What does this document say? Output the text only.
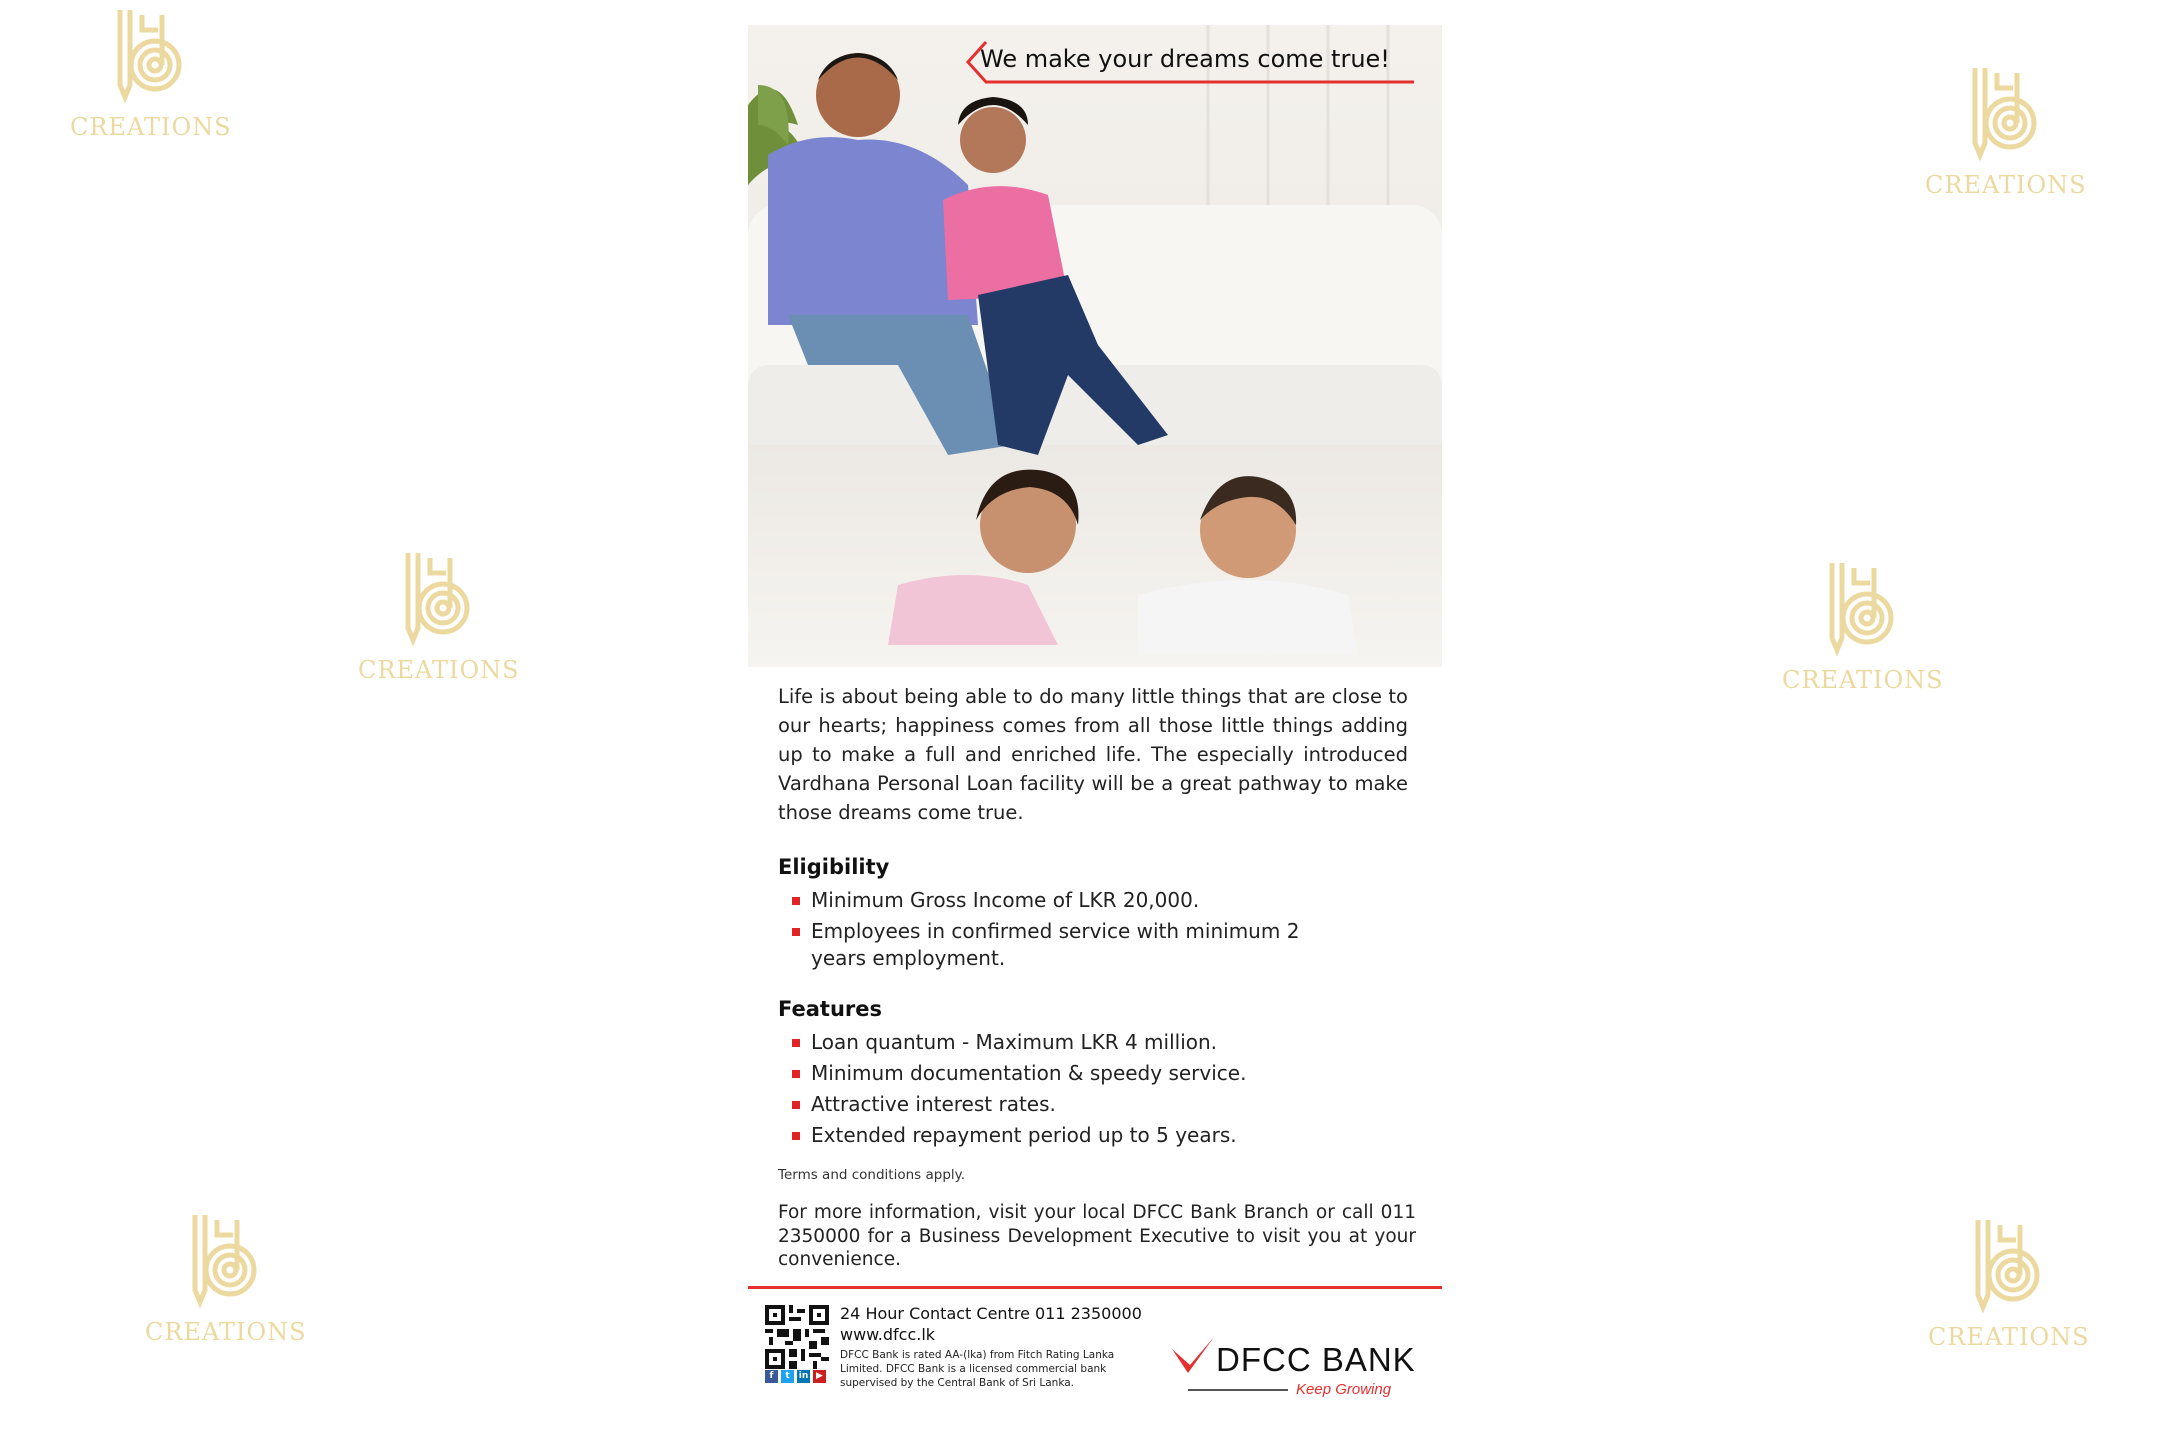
CREATIONS
CREATIONS
CREATIONS	CREATIONS
CREATIONS	CREATIONS
We make your dreams come true!
Life is about being able to do many little things that are close to our hearts; happiness comes from all those little things adding up to make a full and enriched life. The especially introduced Vardhana Personal Loan facility will be a great pathway to make those dreams come true.
Eligibility
Minimum Gross Income of LKR 20,000.
Employees in confirmed service with minimum 2 years employment.
Features
Loan quantum - Maximum LKR 4 million.
Minimum documentation & speedy service.
Attractive interest rates.
Extended repayment period up to 5 years.
Terms and conditions apply.
For more information, visit your local DFCC Bank Branch or call 011 2350000 for a Business Development Executive to visit you at your convenience.
f	t	in ▶
24 Hour Contact Centre 011 2350000
www.dfcc.lk
DFCC Bank is rated AA-(lka) from Fitch Rating Lanka Limited. DFCC Bank is a licensed commercial bank supervised by the Central Bank of Sri Lanka.
DFCC BANK
Keep Growing
